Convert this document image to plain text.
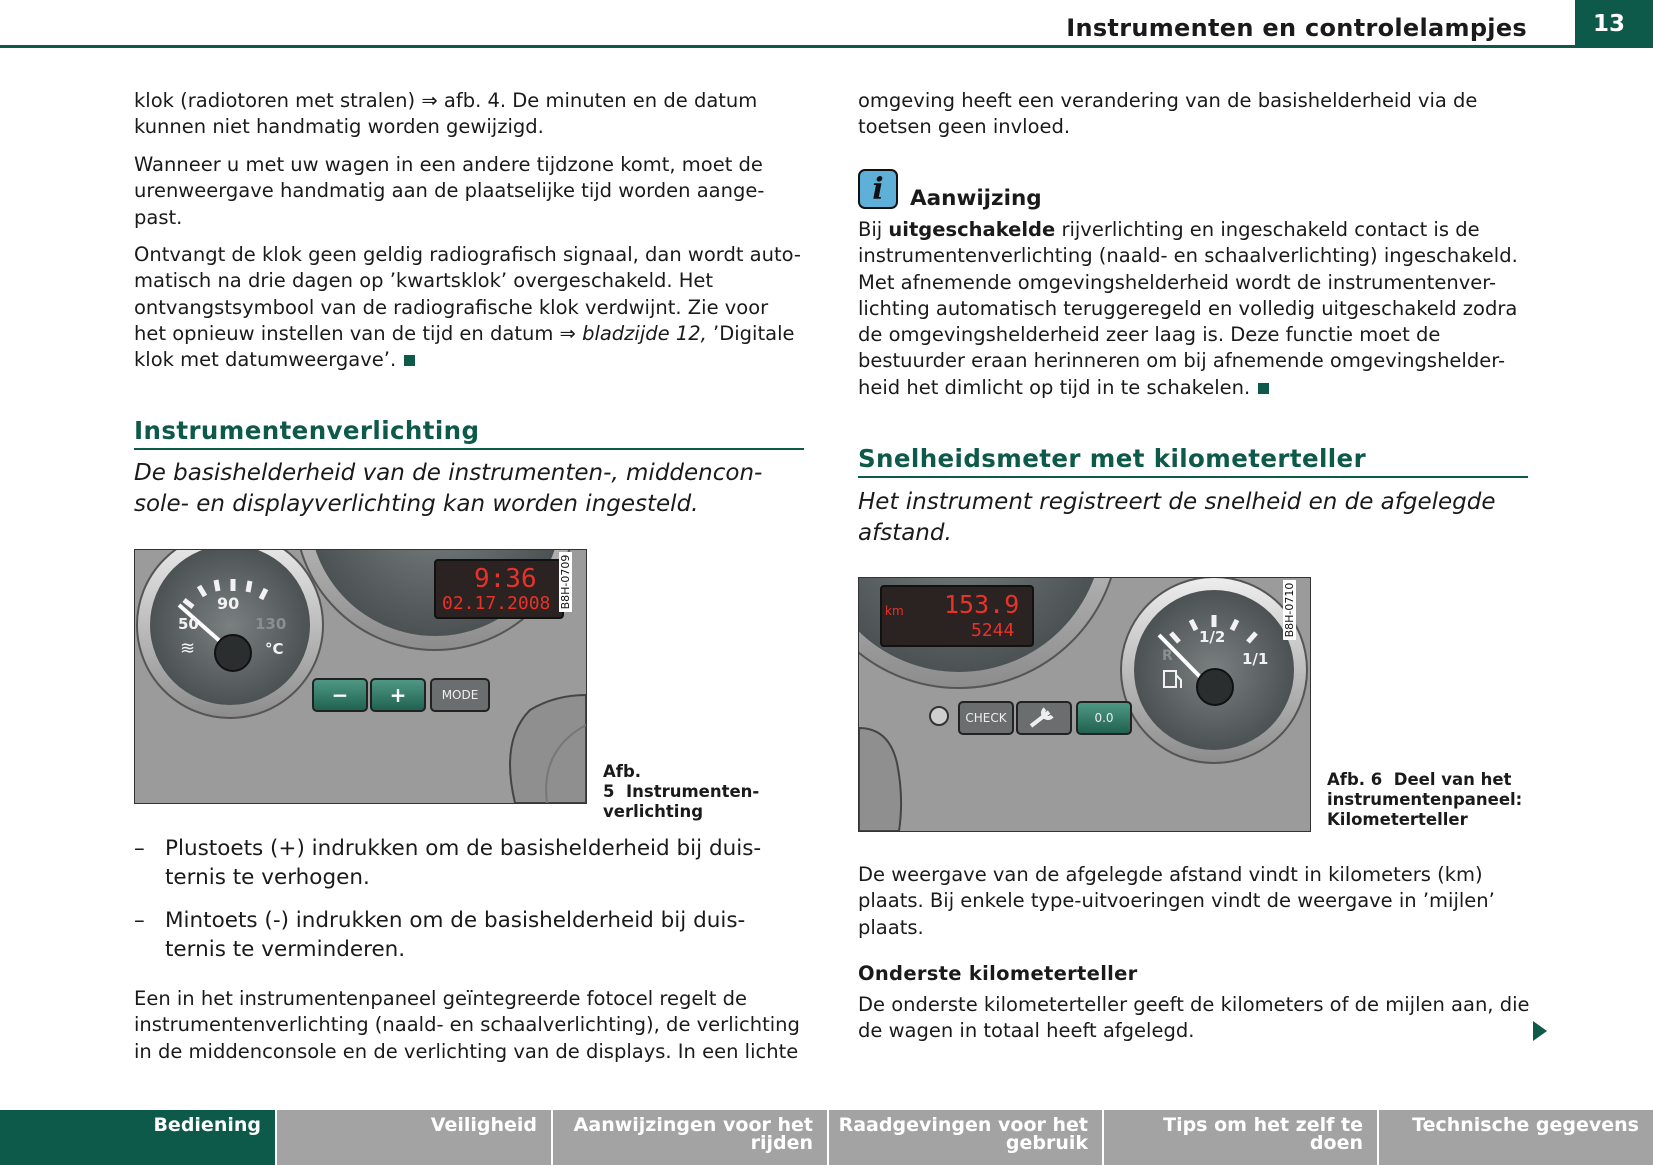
Instrumenten en controlelampjes	13

klok (radiotoren met stralen) ⇒ afb. 4. De minuten en de datum
kunnen niet handmatig worden gewijzigd.

Wanneer u met uw wagen in een andere tijdzone komt, moet de
urenweergave handmatig aan de plaatselijke tijd worden aange-
past.

Ontvangt de klok geen geldig radiografisch signaal, dan wordt auto-
matisch na drie dagen op ’kwartsklok’ overgeschakeld. Het
ontvangstsymbool van de radiografische klok verdwijnt. Zie voor
het opnieuw instellen van de tijd en datum ⇒ bladzijde 12, ’Digitale
klok met datumweergave’.

Instrumentenverlichting
De basishelderheid van de instrumenten-, middencon-
sole- en displayverlichting kan worden ingesteld.
9:36
02.17.2008
50
90
130
°C
≋
−	+	MODE
B8H-0709
Afb. 5 Instrumenten-
verlichting
– Plustoets (+) indrukken om de basishelderheid bij duis-
ternis te verhogen.
– Mintoets (-) indrukken om de basishelderheid bij duis-
ternis te verminderen.

Een in het instrumentenpaneel geïntegreerde fotocel regelt de
instrumentenverlichting (naald- en schaalverlichting), de verlichting
in de middenconsole en de verlichting van de displays. In een lichte

omgeving heeft een verandering van de basishelderheid via de
toetsen geen invloed.

i	Aanwijzing

Bij uitgeschakelde rijverlichting en ingeschakeld contact is de
instrumentenverlichting (naald- en schaalverlichting) ingeschakeld.
Met afnemende omgevingshelderheid wordt de instrumentenver-
lichting automatisch teruggeregeld en volledig uitgeschakeld zodra
de omgevingshelderheid zeer laag is. Deze functie moet de
bestuurder eraan herinneren om bij afnemende omgevingshelder-
heid het dimlicht op tijd in te schakelen.

Snelheidsmeter met kilometerteller
Het instrument registreert de snelheid en de afgelegde
afstand.
km 153.9
5244	1/2
1/1
R
CHECK	0.0
B8H-0710
Afb. 6 Deel van het
instrumentenpaneel:
Kilometerteller

De weergave van de afgelegde afstand vindt in kilometers (km)
plaats. Bij enkele type-uitvoeringen vindt de weergave in ’mijlen’
plaats.

Onderste kilometerteller

De onderste kilometerteller geeft de kilometers of de mijlen aan, die
de wagen in totaal heeft afgelegd.

Bediening	Veiligheid	Aanwijzingen voor het
rijden
Raadgevingen voor het
gebruik
Tips om het zelf te doen
Technische gegevens
